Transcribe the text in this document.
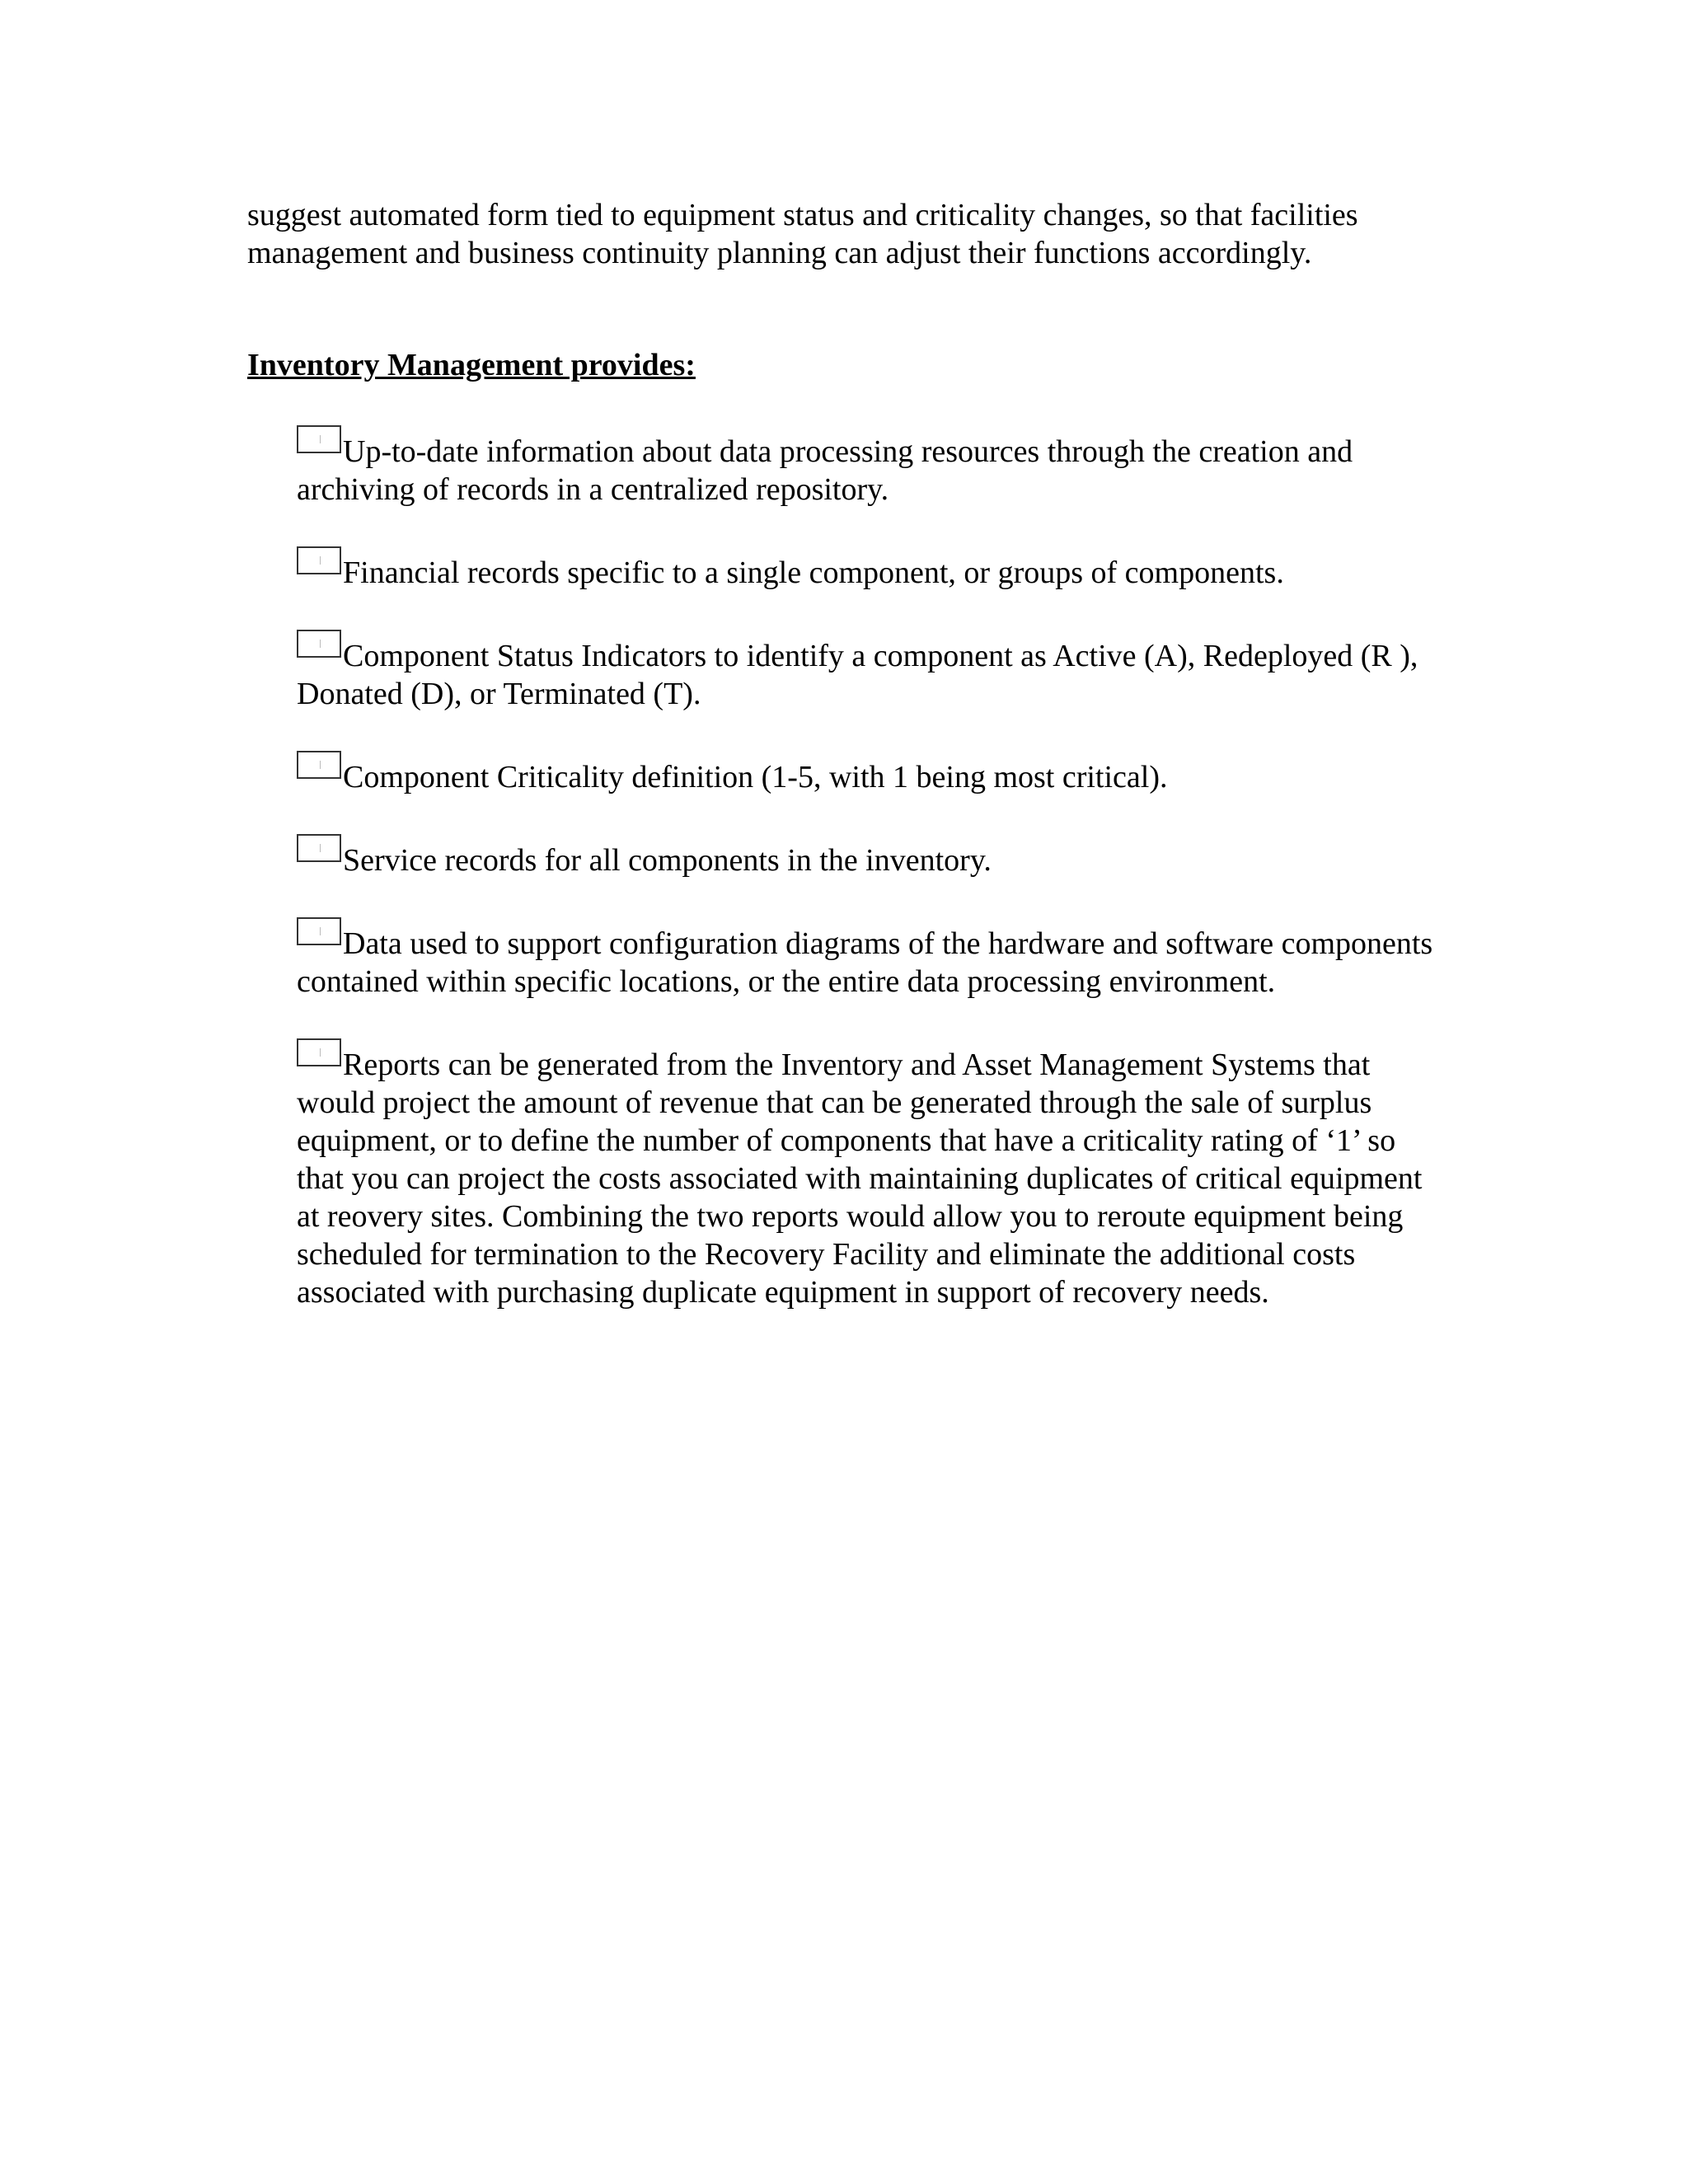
suggest automated form tied to equipment status and criticality changes, so that facilities management and business continuity planning can adjust their functions accordingly.

Inventory Management provides:

Up-to-date information about data processing resources through the creation and archiving of records in a centralized repository.
Financial records specific to a single component, or groups of components.
Component Status Indicators to identify a component as Active (A), Redeployed (R ), Donated (D), or Terminated (T).
Component Criticality definition (1-5, with 1 being most critical).
Service records for all components in the inventory.
Data used to support configuration diagrams of the hardware and software components contained within specific locations, or the entire data processing environment.
Reports can be generated from the Inventory and Asset Management Systems that would project the amount of revenue that can be generated through the sale of surplus equipment, or to define the number of components that have a criticality rating of ‘1’ so that you can project the costs associated with maintaining duplicates of critical equipment at reovery sites. Combining the two reports would allow you to reroute equipment being scheduled for termination to the Recovery Facility and eliminate the additional costs associated with purchasing duplicate equipment in support of recovery needs.
